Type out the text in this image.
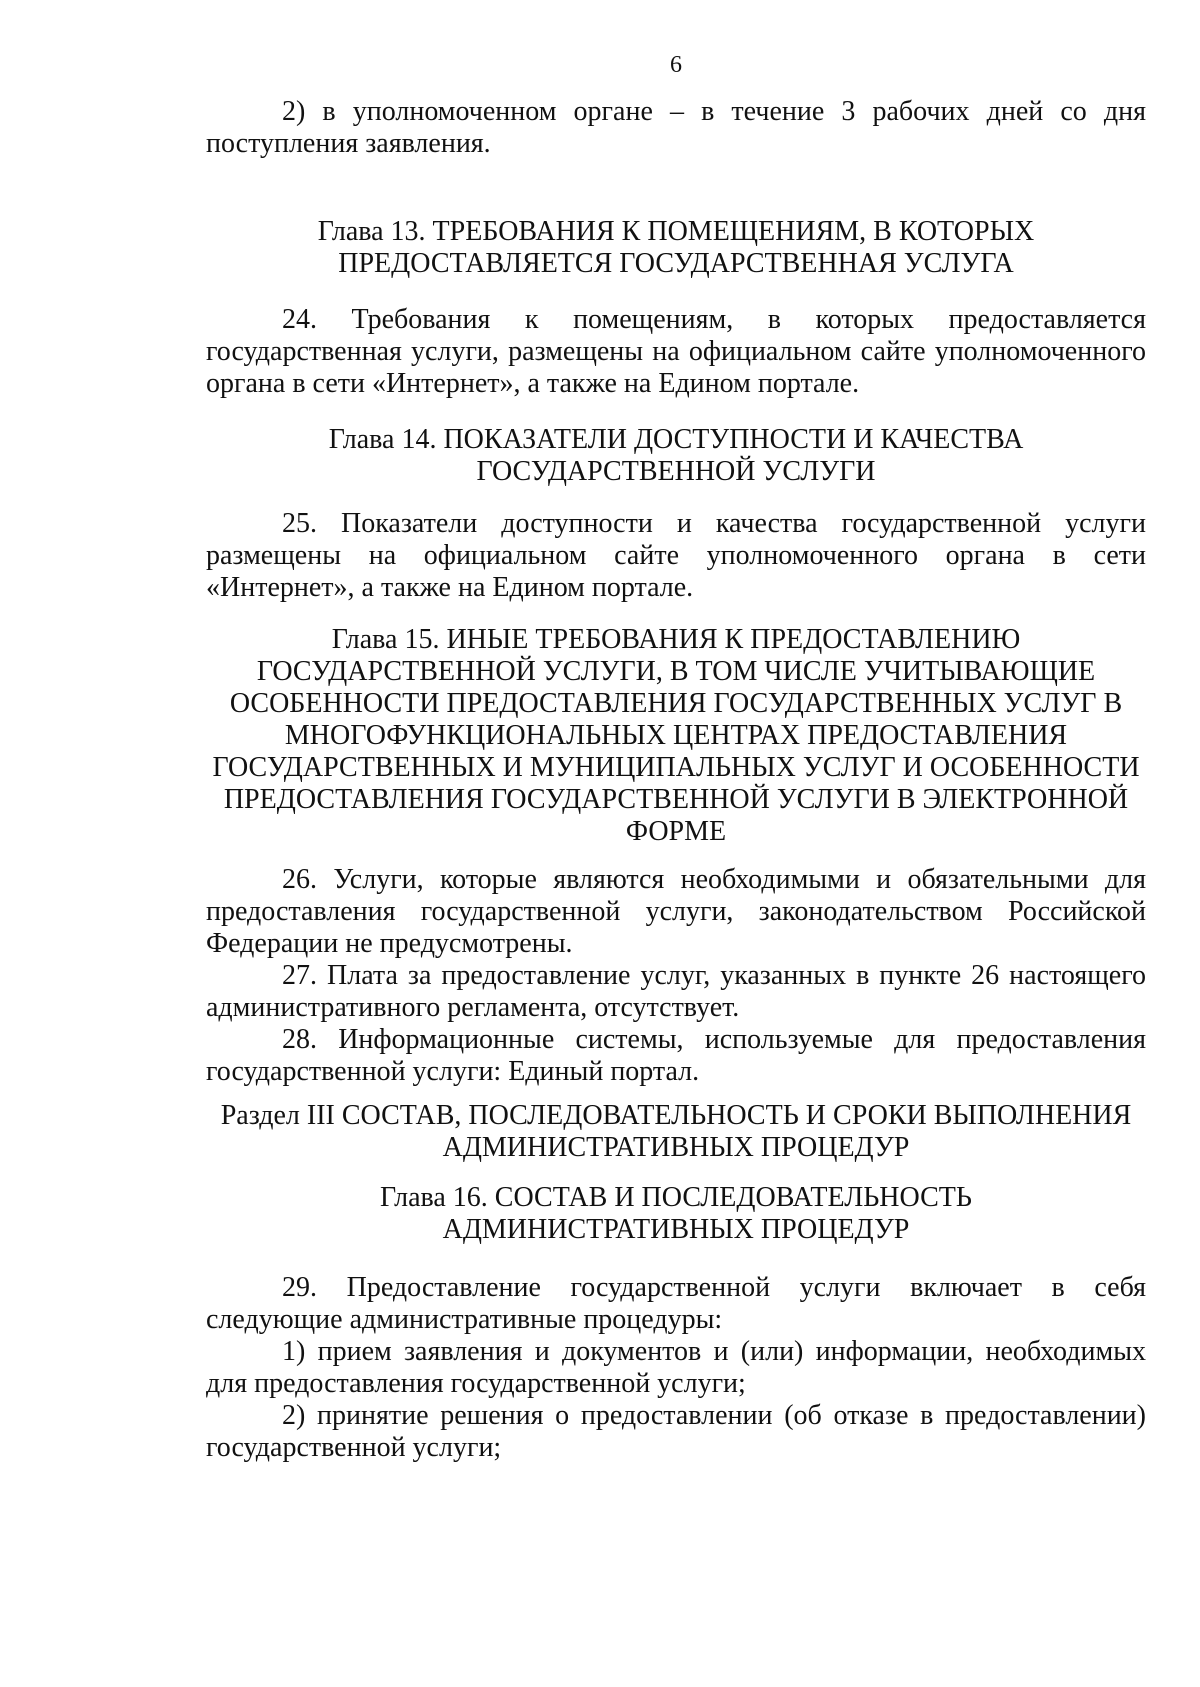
6

2) в уполномоченном органе – в течение 3 рабочих дней со дня поступления заявления.

Глава 13. ТРЕБОВАНИЯ К ПОМЕЩЕНИЯМ, В КОТОРЫХ
ПРЕДОСТАВЛЯЕТСЯ ГОСУДАРСТВЕННАЯ УСЛУГА

24. Требования к помещениям, в которых предоставляется государственная услуги, размещены на официальном сайте уполномоченного органа в сети «Интернет», а также на Едином портале.

Глава 14. ПОКАЗАТЕЛИ ДОСТУПНОСТИ И КАЧЕСТВА
ГОСУДАРСТВЕННОЙ УСЛУГИ

25. Показатели доступности и качества государственной услуги размещены на официальном сайте уполномоченного органа в сети «Интернет», а также на Едином портале.

Глава 15. ИНЫЕ ТРЕБОВАНИЯ К ПРЕДОСТАВЛЕНИЮ
ГОСУДАРСТВЕННОЙ УСЛУГИ, В ТОМ ЧИСЛЕ УЧИТЫВАЮЩИЕ
ОСОБЕННОСТИ ПРЕДОСТАВЛЕНИЯ ГОСУДАРСТВЕННЫХ УСЛУГ В
МНОГОФУНКЦИОНАЛЬНЫХ ЦЕНТРАХ ПРЕДОСТАВЛЕНИЯ
ГОСУДАРСТВЕННЫХ И МУНИЦИПАЛЬНЫХ УСЛУГ И ОСОБЕННОСТИ
ПРЕДОСТАВЛЕНИЯ ГОСУДАРСТВЕННОЙ УСЛУГИ В ЭЛЕКТРОННОЙ
ФОРМЕ

26. Услуги, которые являются необходимыми и обязательными для предоставления государственной услуги, законодательством Российской Федерации не предусмотрены.

27. Плата за предоставление услуг, указанных в пункте 26 настоящего административного регламента, отсутствует.

28. Информационные системы, используемые для предоставления государственной услуги: Единый портал.

Раздел III СОСТАВ, ПОСЛЕДОВАТЕЛЬНОСТЬ И СРОКИ ВЫПОЛНЕНИЯ
АДМИНИСТРАТИВНЫХ ПРОЦЕДУР

Глава 16. СОСТАВ И ПОСЛЕДОВАТЕЛЬНОСТЬ
АДМИНИСТРАТИВНЫХ ПРОЦЕДУР

29. Предоставление государственной услуги включает в себя следующие административные процедуры:

1) прием заявления и документов и (или) информации, необходимых для предоставления государственной услуги;

2) принятие решения о предоставлении (об отказе в предоставлении) государственной услуги;
